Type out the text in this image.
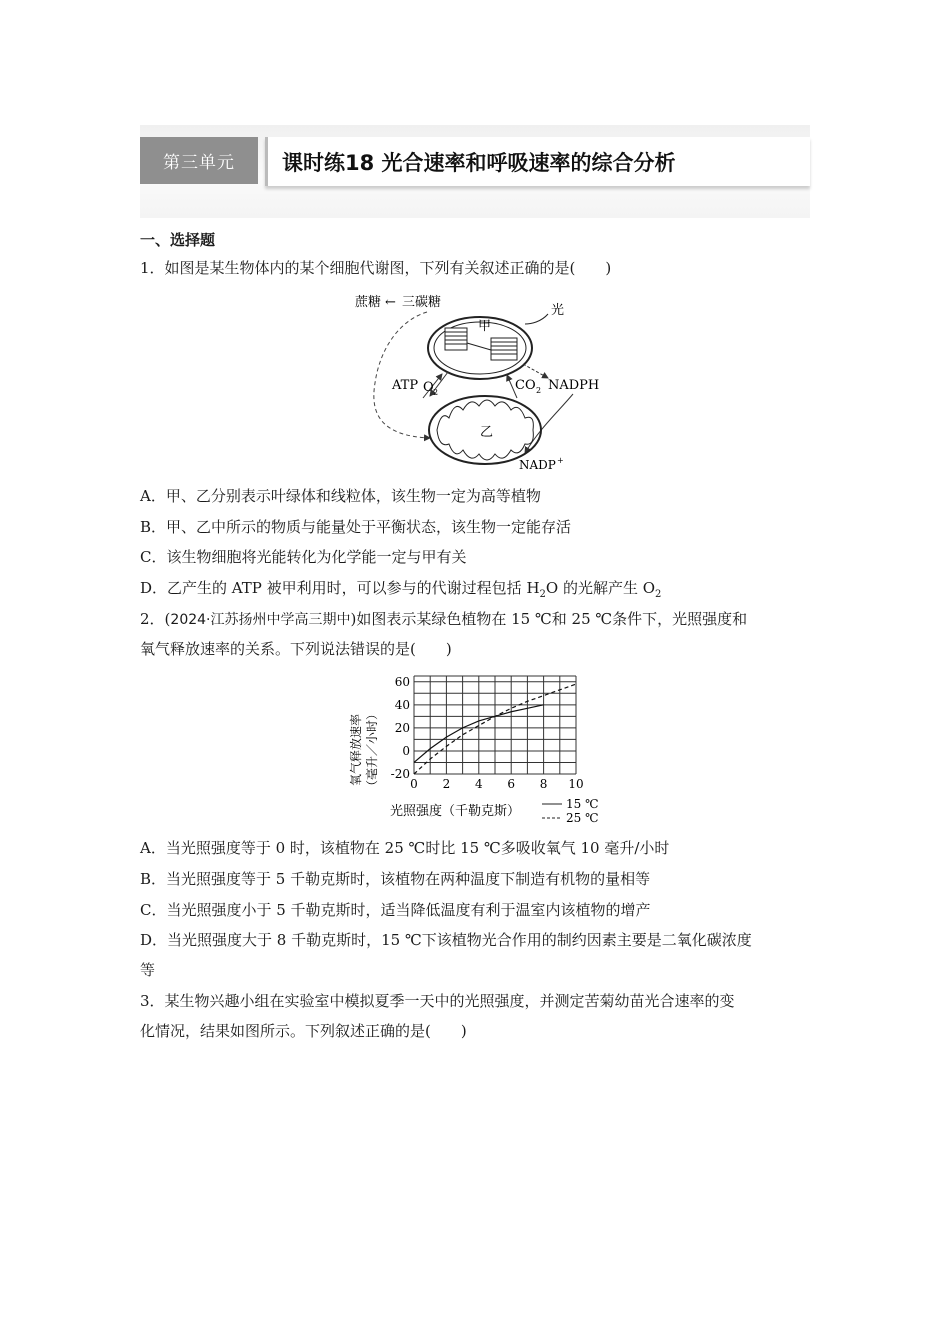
第三单元	课时练18 光合速率和呼吸速率的综合分析
一、选择题
1．如图是某生物体内的某个细胞代谢图，下列有关叙述正确的是(　　)
蔗糖 ← 三碳糖
甲
光
ATP O 2	CO 2 NADPH
乙
NADP +
A．甲、乙分别表示叶绿体和线粒体，该生物一定为高等植物
B．甲、乙中所示的物质与能量处于平衡状态，该生物一定能存活
C．该生物细胞将光能转化为化学能一定与甲有关
D．乙产生的 ATP 被甲利用时，可以参与的代谢过程包括 $H_2O$ 的光解产生 $O_2$
2．(2024·江苏扬州中学高三期中)如图表示某绿色植物在 15 ℃和 25 ℃条件下，光照强度和
氧气释放速率的关系。下列说法错误的是(　　)
氧气释放速率 （毫升／小时）	0 2 4 6 8 10
-20
0
20
40
60
光照强度（千勒克斯）	15 ℃
25 ℃
A．当光照强度等于 0 时，该植物在 25 ℃时比 15 ℃多吸收氧气 10 毫升/小时
B．当光照强度等于 5 千勒克斯时，该植物在两种温度下制造有机物的量相等
C．当光照强度小于 5 千勒克斯时，适当降低温度有利于温室内该植物的增产
D．当光照强度大于 8 千勒克斯时，15 ℃下该植物光合作用的制约因素主要是二氧化碳浓度
等
3．某生物兴趣小组在实验室中模拟夏季一天中的光照强度，并测定苦菊幼苗光合速率的变
化情况，结果如图所示。下列叙述正确的是(　　)
